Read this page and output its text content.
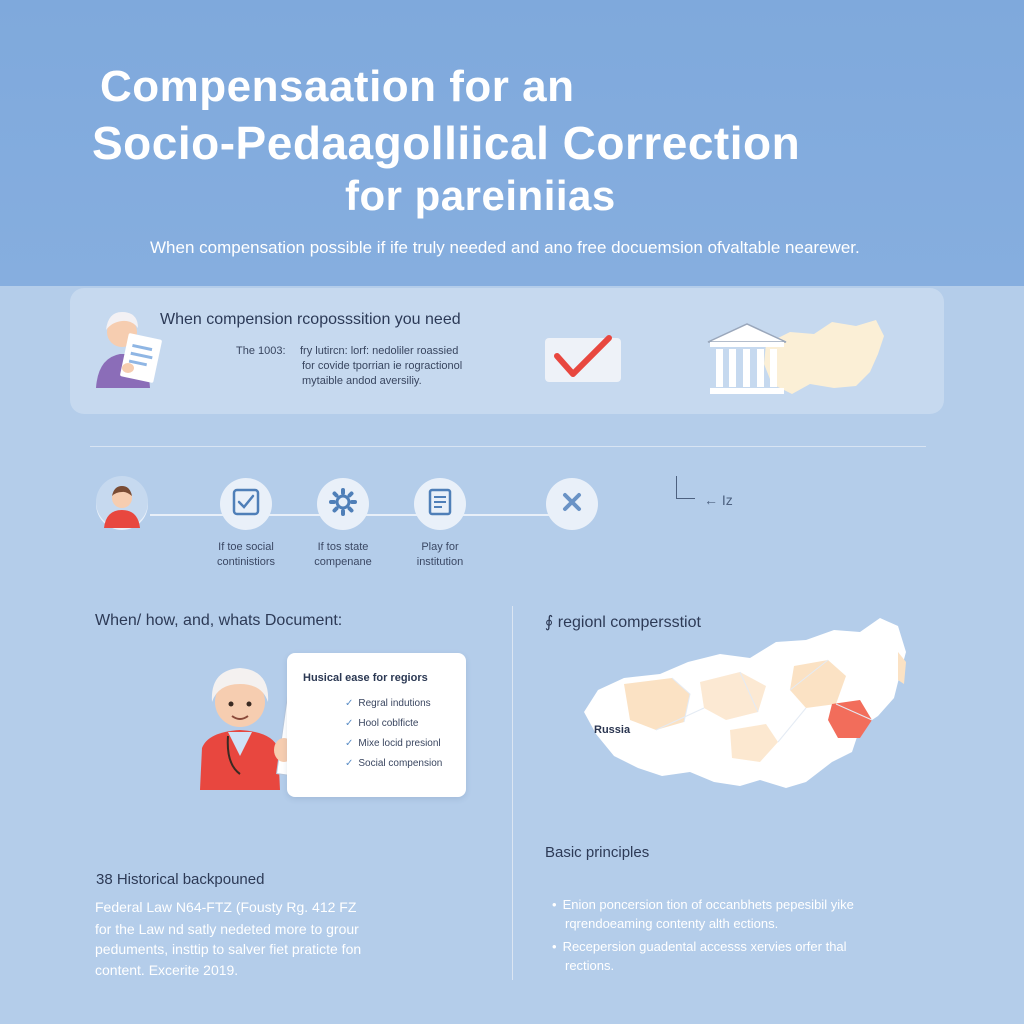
Compensaation for an
Socio-Pedaagolliical Correction
for pareiniias
When compensation possible if ife truly needed and ano free docuemsion ofvaltable nearewer.
When compension rcoposssition you need
The 1003: fry lutircn: lorf: nedoliler roassied
for covide tporrian ie rogractionol
mytaible andod aversiliy.
If toe social
continistiors
If tos state
compenane
Play for
institution
← Iz
When/ how, and, whats Document:
Husical ease for regiors
✓ Regral indutions
✓ Hool coblficte
✓ Mixe locid presionl
✓ Social compension
∮ regionl compersstiot
Russia
38 Historical backpouned
Federal Law N64-FTZ (Fousty Rg. 412 FZ
for the Law nd satly nedeted more to grour
peduments, insttip to salver fiet praticte fon
content. Excerite 2019.
Basic principles
• Enion poncersion tion of occanbhets pepesibil yike
rqrendoeaming contenty alth ections.
• Recepersion guadental accesss xervies orfer thal
rections.
